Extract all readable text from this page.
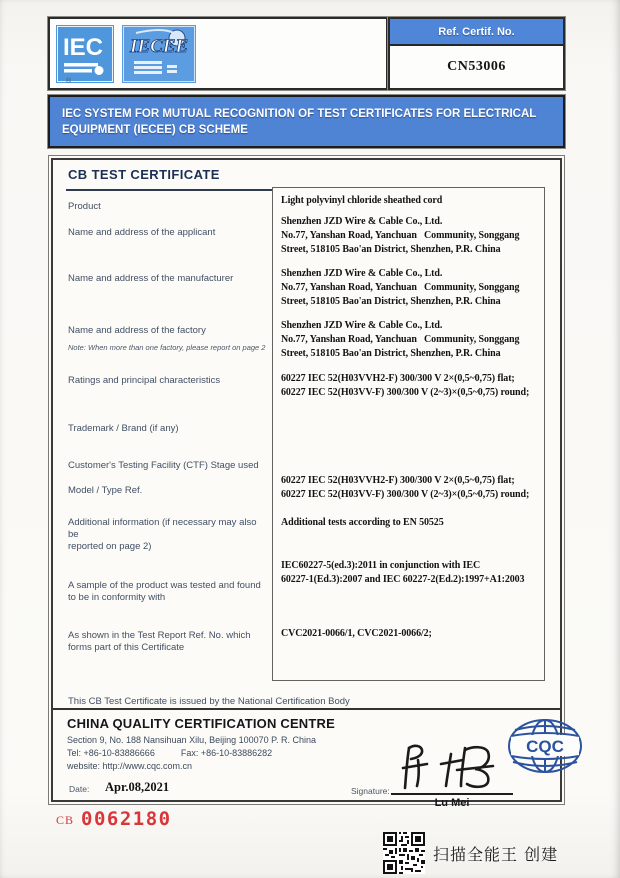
IEC IECEE
®
Ref. Certif. No.
CN53006
IEC SYSTEM FOR MUTUAL RECOGNITION OF TEST CERTIFICATES FOR ELECTRICAL EQUIPMENT (IECEE) CB SCHEME
CB TEST CERTIFICATE
Product
Name and address of the applicant
Name and address of the manufacturer
Name and address of the factory
Note: When more than one factory, please report on page 2
Ratings and principal characteristics
Trademark / Brand (if any)
Customer's Testing Facility (CTF) Stage used
Model / Type Ref.
Additional information (if necessary may also be
reported on page 2)
A sample of the product was tested and found
to be in conformity with
As shown in the Test Report Ref. No. which
forms part of this Certificate
Light polyvinyl chloride sheathed cord
Shenzhen JZD Wire & Cable Co., Ltd.
No.77, Yanshan Road, Yanchuan   Community, Songgang
Street, 518105 Bao'an District, Shenzhen, P.R. China
Shenzhen JZD Wire & Cable Co., Ltd.
No.77, Yanshan Road, Yanchuan   Community, Songgang
Street, 518105 Bao'an District, Shenzhen, P.R. China
Shenzhen JZD Wire & Cable Co., Ltd.
No.77, Yanshan Road, Yanchuan   Community, Songgang
Street, 518105 Bao'an District, Shenzhen, P.R. China
60227 IEC 52(H03VVH2-F) 300/300 V 2×(0,5~0,75) flat;
60227 IEC 52(H03VV-F) 300/300 V (2~3)×(0,5~0,75) round;
60227 IEC 52(H03VVH2-F) 300/300 V 2×(0,5~0,75) flat;
60227 IEC 52(H03VV-F) 300/300 V (2~3)×(0,5~0,75) round;
Additional tests according to EN 50525
IEC60227-5(ed.3):2011 in conjunction with IEC
60227-1(Ed.3):2007 and IEC 60227-2(Ed.2):1997+A1:2003
CVC2021-0066/1, CVC2021-0066/2;
This CB Test Certificate is issued by the National Certification Body
CHINA QUALITY CERTIFICATION CENTRE
Section 9, No. 188 Nansihuan Xilu, Beijing 100070 P. R. China
Tel: +86-10-83886666	Fax: +86-10-83886282
website: http://www.cqc.com.cn
Date: Apr.08,2021	Signature:
Lu Mei
CQC
CB 0062180
扫描全能王 创建
